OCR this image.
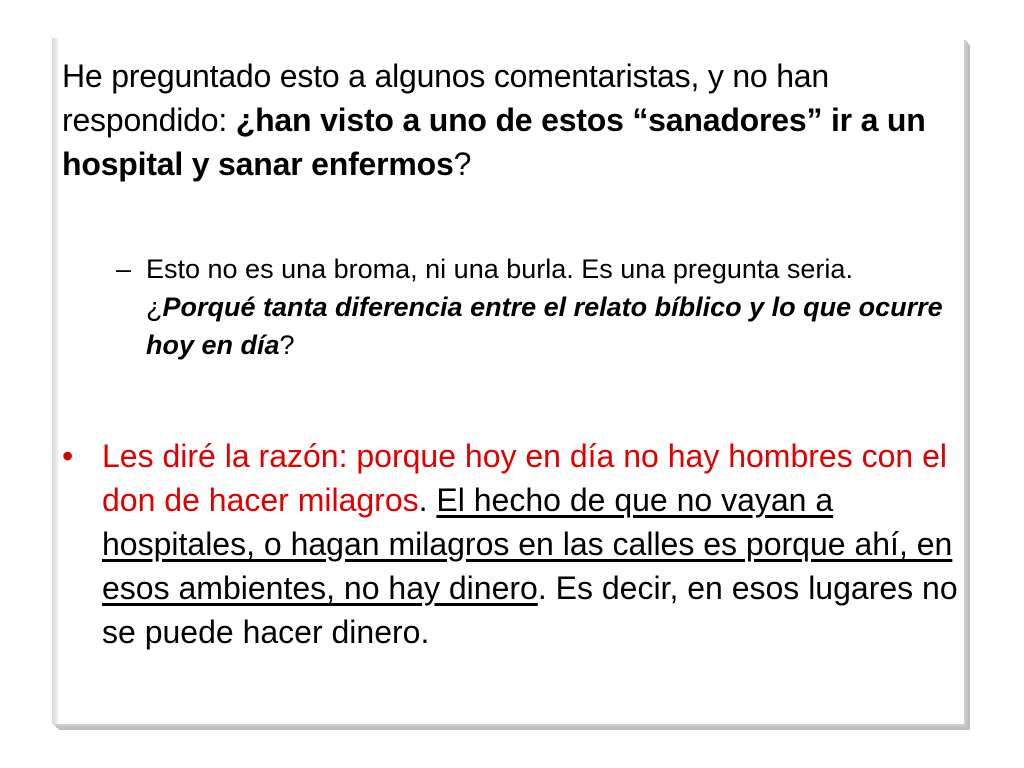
He preguntado esto a algunos comentaristas, y no han respondido: ¿han visto a uno de estos “sanadores” ir a un hospital y sanar enfermos?
– Esto no es una broma, ni una burla. Es una pregunta seria. ¿Porqué tanta diferencia entre el relato bíblico y lo que ocurre hoy en día?
• Les diré la razón: porque hoy en día no hay hombres con el don de hacer milagros. El hecho de que no vayan a hospitales, o hagan milagros en las calles es porque ahí, en esos ambientes, no hay dinero. Es decir, en esos lugares no se puede hacer dinero.
